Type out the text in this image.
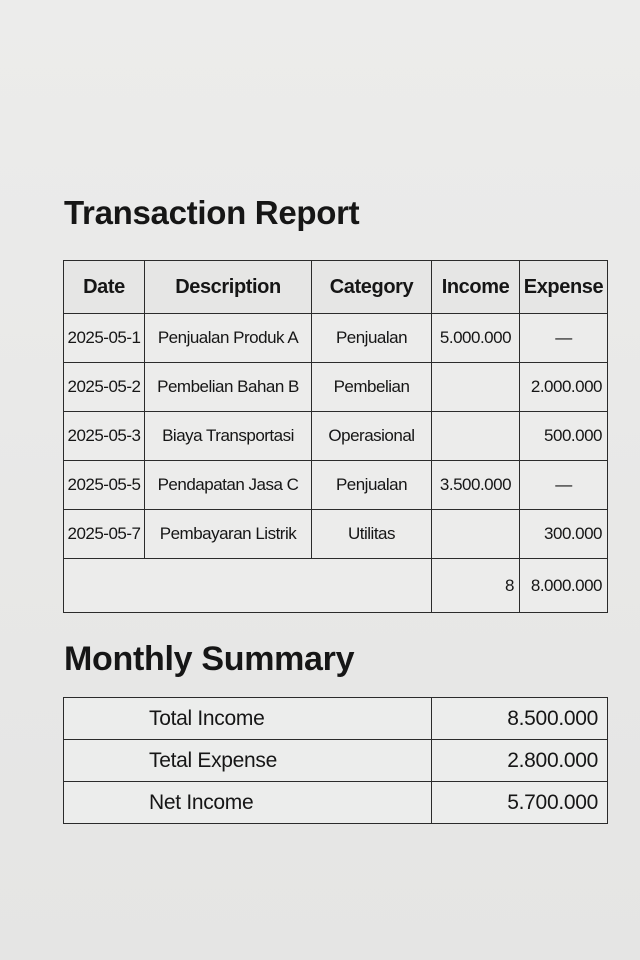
Transaction Report
Date	Description	Category	Income	Expense
2025-05-1	Penjualan Produk A	Penjualan	5.000.000	—
2025-05-2	Pembelian Bahan B	Pembelian		2.000.000
2025-05-3	Biaya Transportasi	Operasional		500.000
2025-05-5	Pendapatan Jasa C	Penjualan	3.500.000	—
2025-05-7	Pembayaran Listrik	Utilitas		300.000
			8	8.000.000
Monthly Summary
Total Income	8.500.000
Tetal Expense	2.800.000
Net Income	5.700.000
